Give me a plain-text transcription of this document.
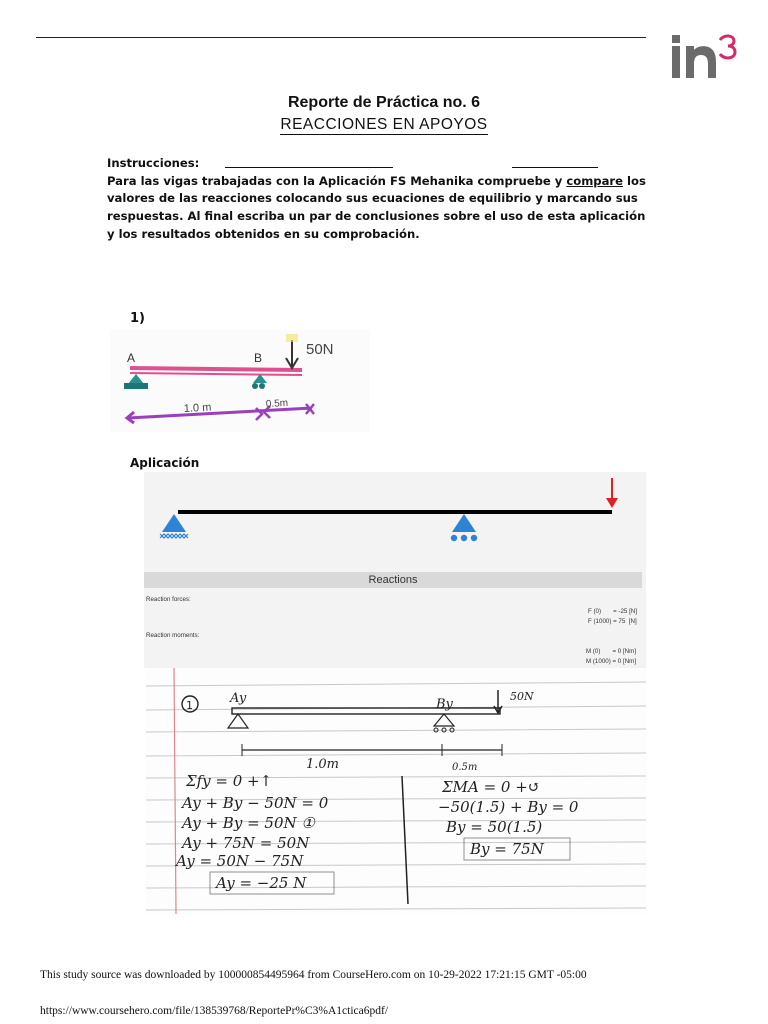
Reporte de Práctica no. 6
REACCIONES EN APOYOS
Instrucciones:
Para las vigas trabajadas con la Aplicación FS Mehanika compruebe y compare los valores de las reacciones colocando sus ecuaciones de equilibrio y marcando sus respuestas. Al final escriba un par de conclusiones sobre el uso de esta aplicación y los resultados obtenidos en su comprobación.
1)
A	B	50N
1.0 m	0.5m
Aplicación
Reactions
Reaction forces:
F (0)       = -25 [N]
F (1000) = 75  [N]
Reaction moments:
M (0)       = 0 [Nm]
M (1000) = 0 [Nm]
1	Ay	By
50N
1.0m	0.5m
Σfy = 0 +↑
Ay + By − 50N = 0
Ay + By = 50N ①
Ay + 75N = 50N
Ay = 50N − 75N
Ay = −25 N
ΣMA = 0 +↺
−50(1.5) + By = 0
By = 50(1.5)
By = 75N
This study source was downloaded by 100000854495964 from CourseHero.com on 10-29-2022 17:21:15 GMT -05:00
https://www.coursehero.com/file/138539768/ReportePr%C3%A1ctica6pdf/
